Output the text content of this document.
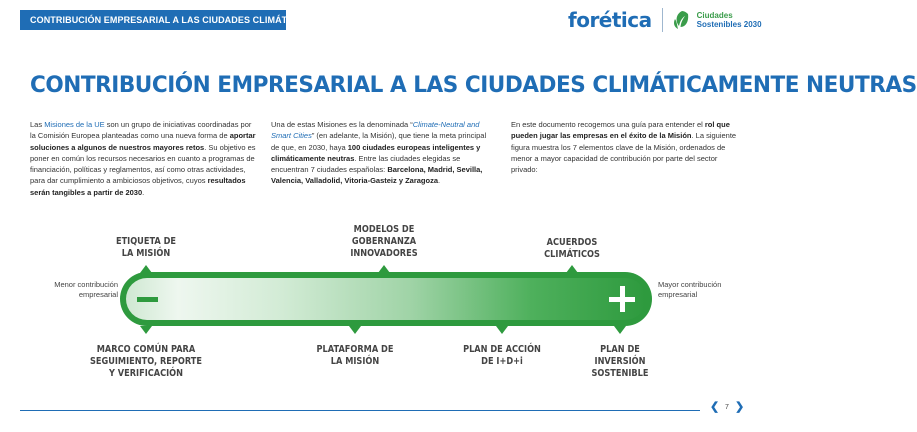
CONTRIBUCIÓN EMPRESARIAL A LAS CIUDADES CLIMÁTICAMENTE NEUTRAS	forética	Ciudades
Sostenibles 2030
CONTRIBUCIÓN EMPRESARIAL A LAS CIUDADES CLIMÁTICAMENTE NEUTRAS

Las Misiones de la UE son un grupo de iniciativas coordinadas por la Comisión Europea planteadas como una nueva forma de aportar soluciones a algunos de nuestros mayores retos. Su objetivo es poner en común los recursos necesarios en cuanto a programas de financiación, políticas y reglamentos, así como otras actividades, para dar cumplimiento a ambiciosos objetivos, cuyos resultados serán tangibles a partir de 2030.

Una de estas Misiones es la denominada “Climate-Neutral and Smart Cities” (en adelante, la Misión), que tiene la meta principal de que, en 2030, haya 100 ciudades europeas inteligentes y climáticamente neutras. Entre las ciudades elegidas se encuentran 7 ciudades españolas: Barcelona, Madrid, Sevilla, Valencia, Valladolid, Vitoria-Gasteiz y Zaragoza.

En este documento recogemos una guía para entender el rol que pueden jugar las empresas en el éxito de la Misión. La siguiente figura muestra los 7 elementos clave de la Misión, ordenados de menor a mayor capacidad de contribución por parte del sector privado:

Menor contribución empresarial
Mayor contribución empresarial
ETIQUETA DE
LA MISIÓN
MODELOS DE
GOBERNANZA
INNOVADORES
ACUERDOS
CLIMÁTICOS
MARCO COMÚN PARA
SEGUIMIENTO, REPORTE
Y VERIFICACIÓN
PLATAFORMA DE
LA MISIÓN
PLAN DE ACCIÓN
DE I+D+i
PLAN DE
INVERSIÓN
SOSTENIBLE
❮ 7 ❯
